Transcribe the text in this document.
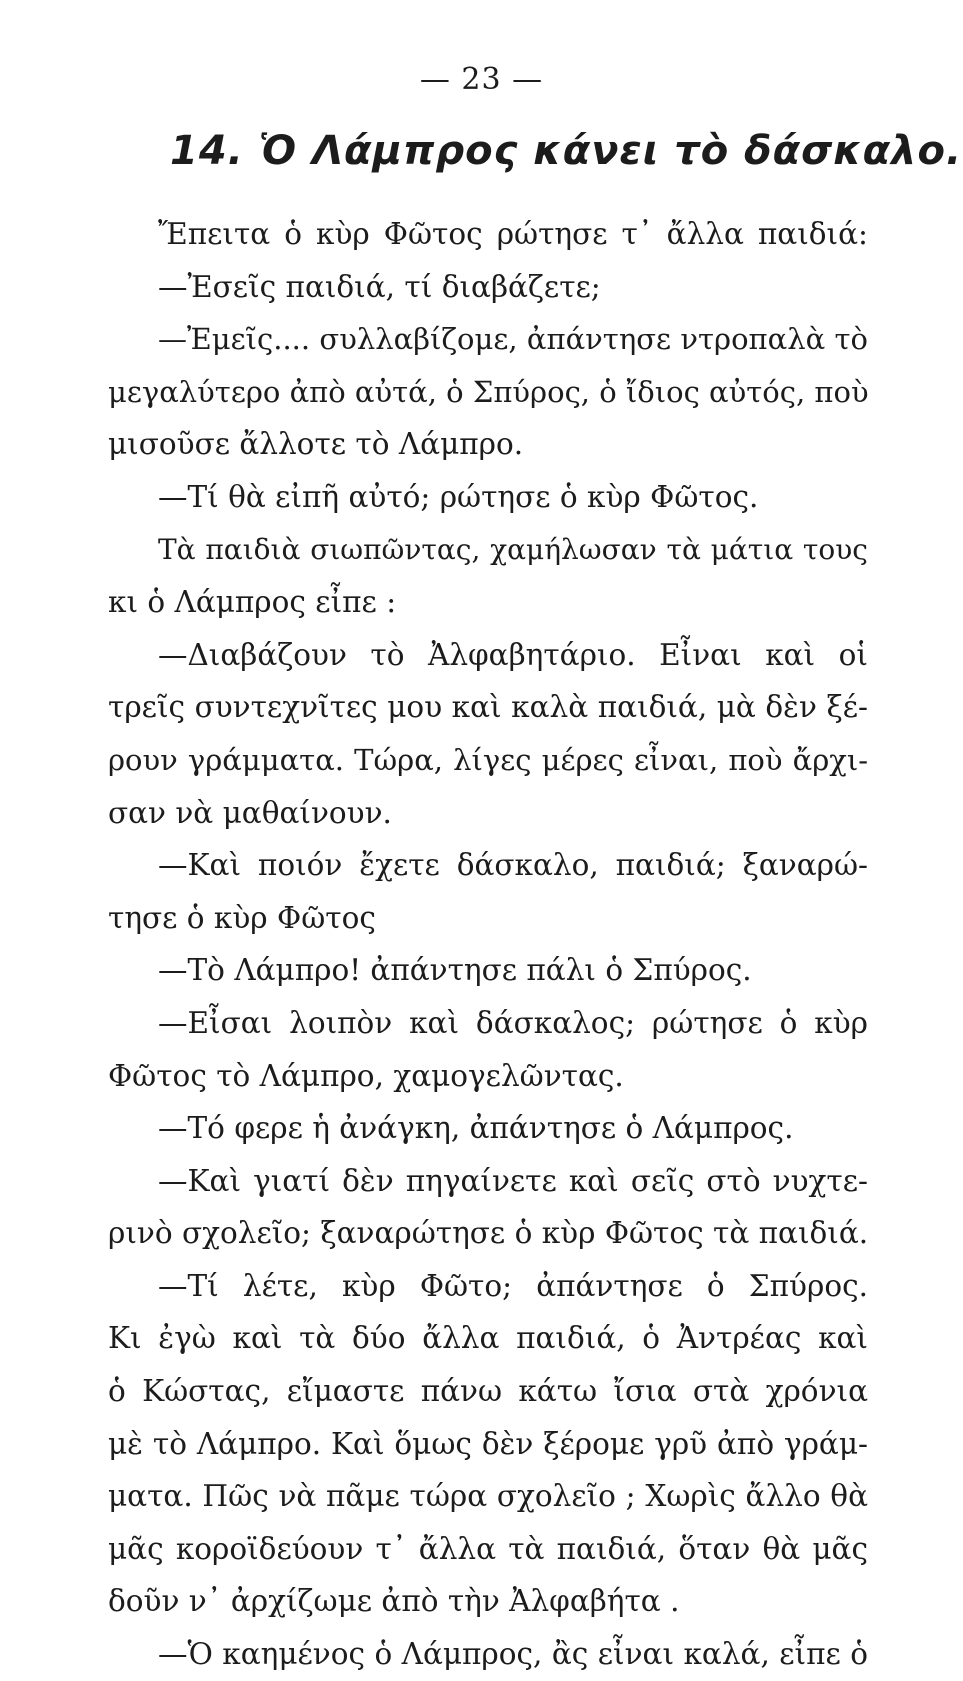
— 23 —
14. Ὁ Λάμπρος κάνει τὸ δάσκαλο.
Ἔπειτα ὁ κὺρ Φῶτος ρώτησε τ᾿ ἄλλα παιδιά:
—Ἐσεῖς παιδιά, τί διαβάζετε;
—Ἐμεῖς.... συλλαβίζομε, ἀπάντησε ντροπαλὰ τὸ
μεγαλύτερο ἀπὸ αὐτά, ὁ Σπύρος, ὁ ἴδιος αὐτός, ποὺ
μισοῦσε ἄλλοτε τὸ Λάμπρο.
—Τί θὰ εἰπῆ αὐτό; ρώτησε ὁ κὺρ Φῶτος.
Τὰ παιδιὰ σιωπῶντας, χαμήλωσαν τὰ μάτια τους
κι ὁ Λάμπρος εἶπε :
—Διαβάζουν τὸ Ἀλφαβητάριο. Εἶναι καὶ οἱ
τρεῖς συντεχνῖτες μου καὶ καλὰ παιδιά, μὰ δὲν ξέ-
ρουν γράμματα. Τώρα, λίγες μέρες εἶναι, ποὺ ἄρχι-
σαν νὰ μαθαίνουν.
—Καὶ ποιόν ἔχετε δάσκαλο, παιδιά; ξαναρώ-
τησε ὁ κὺρ Φῶτος
—Τὸ Λάμπρο! ἀπάντησε πάλι ὁ Σπύρος.
—Εἶσαι λοιπὸν καὶ δάσκαλος; ρώτησε ὁ κὺρ
Φῶτος τὸ Λάμπρο, χαμογελῶντας.
—Τό φερε ἡ ἀνάγκη, ἀπάντησε ὁ Λάμπρος.
—Καὶ γιατί δὲν πηγαίνετε καὶ σεῖς στὸ νυχτε-
ρινὸ σχολεῖο; ξαναρώτησε ὁ κὺρ Φῶτος τὰ παιδιά.
—Τί λέτε, κὺρ Φῶτο; ἀπάντησε ὁ Σπύρος.
Κι ἐγὼ καὶ τὰ δύο ἄλλα παιδιά, ὁ Ἀντρέας καὶ
ὁ Κώστας, εἴμαστε πάνω κάτω ἴσια στὰ χρόνια
μὲ τὸ Λάμπρο. Καὶ ὅμως δὲν ξέρομε γρῦ ἀπὸ γράμ-
ματα. Πῶς νὰ πᾶμε τώρα σχολεῖο ; Χωρὶς ἄλλο θὰ
μᾶς κοροϊδεύουν τ᾿ ἄλλα τὰ παιδιά, ὅταν θὰ μᾶς
δοῦν ν᾿ ἀρχίζωμε ἀπὸ τὴν Ἀλφαβήτα .
—Ὁ καημένος ὁ Λάμπρος, ἂς εἶναι καλά, εἶπε ὁ
